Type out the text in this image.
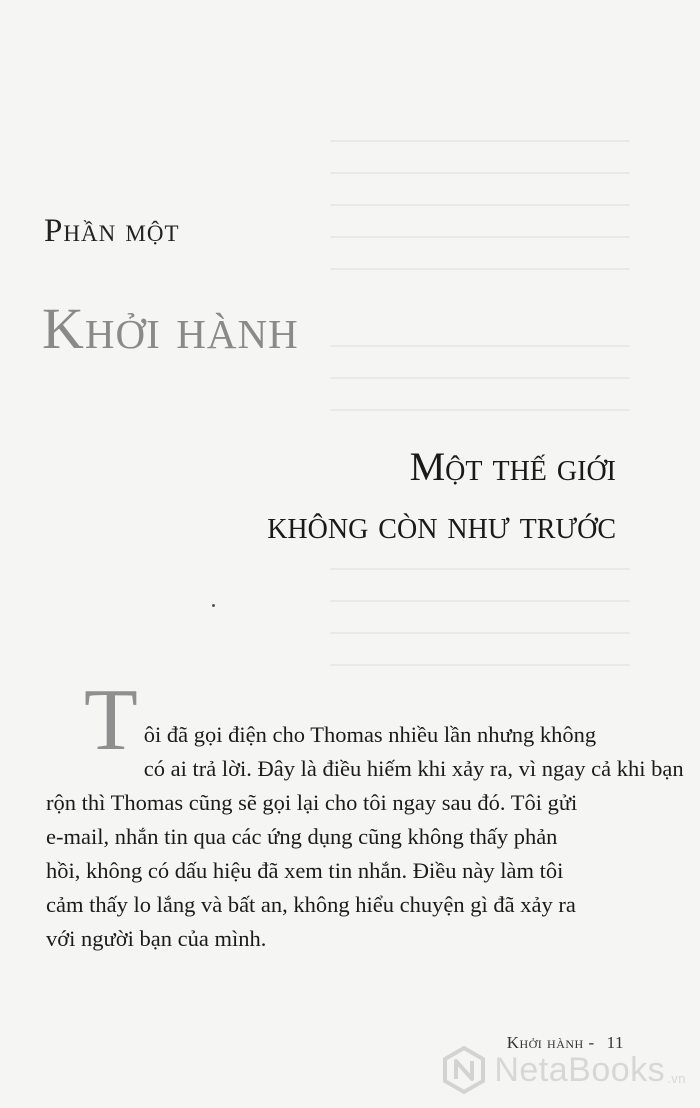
Phần một
Khởi hành
Một thế giới
không còn như trước
T ôi đã gọi điện cho Thomas nhiều lần nhưng không
có ai trả lời. Đây là điều hiếm khi xảy ra, vì ngay cả khi bạn
rộn thì Thomas cũng sẽ gọi lại cho tôi ngay sau đó. Tôi gửi
e-mail, nhắn tin qua các ứng dụng cũng không thấy phản
hồi, không có dấu hiệu đã xem tin nhắn. Điều này làm tôi
cảm thấy lo lắng và bất an, không hiểu chuyện gì đã xảy ra
với người bạn của mình.
Khởi hành - 11
NetaBooks .vn
